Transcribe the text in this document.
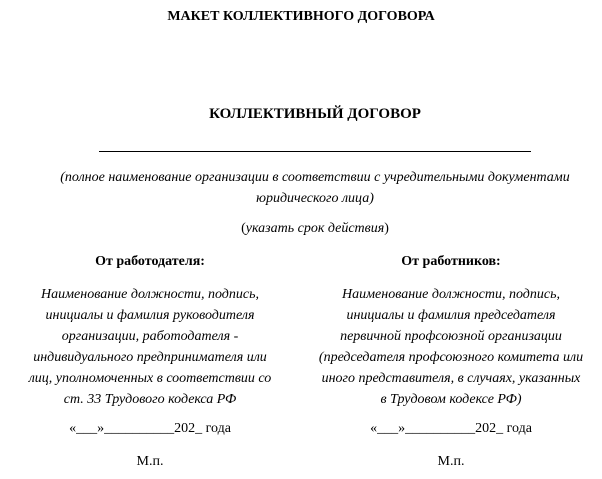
МАКЕТ КОЛЛЕКТИВНОГО ДОГОВОРА

КОЛЛЕКТИВНЫЙ ДОГОВОР

(полное наименование организации в соответствии с учредительными документами юридического лица)

(указать срок действия)

От работодателя:

Наименование должности, подпись,
инициалы и фамилия руководителя
организации, работодателя -
индивидуального предпринимателя или
лиц, уполномоченных в соответствии со
ст. 33 Трудового кодекса РФ

«___»__________202_ года

М.п.

От работников:

Наименование должности, подпись,
инициалы и фамилия председателя
первичной профсоюзной организации
(председателя профсоюзного комитета или
иного представителя, в случаях, указанных
в Трудовом кодексе РФ)

«___»__________202_ года

М.п.
